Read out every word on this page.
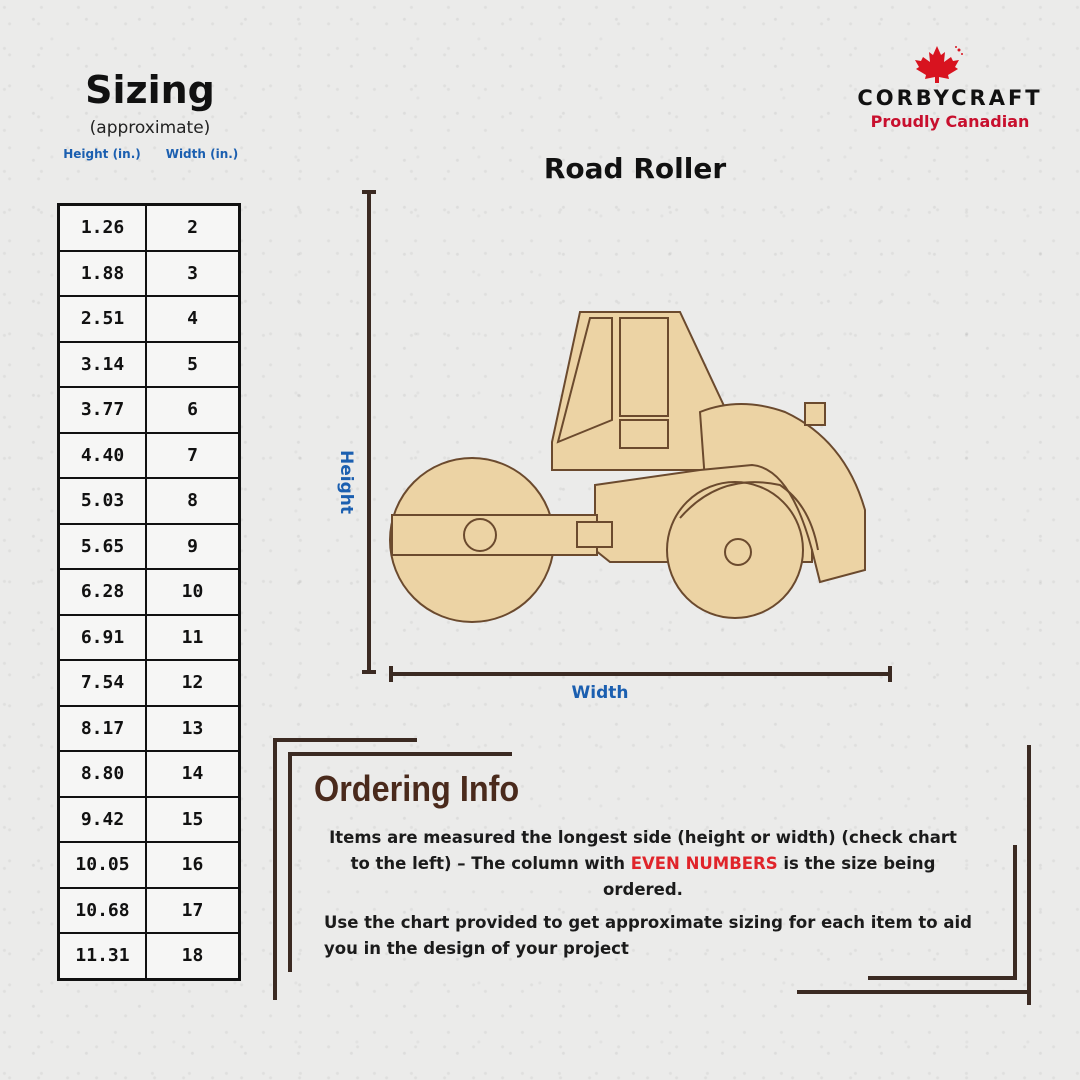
Sizing
(approximate)
Height (in.)	Width (in.)
1.26	2
1.88	3
2.51	4
3.14	5
3.77	6
4.40	7
5.03	8
5.65	9
6.28	10
6.91	11
7.54	12
8.17	13
8.80	14
9.42	15
10.05	16
10.68	17
11.31	18
CORBYCRAFT
Proudly Canadian
Road Roller
Height
Width
Ordering Info
Items are measured the longest side (height or width) (check chart to the left) – The column with EVEN NUMBERS is the size being ordered.
Use the chart provided to get approximate sizing for each item to aid you in the design of your project
